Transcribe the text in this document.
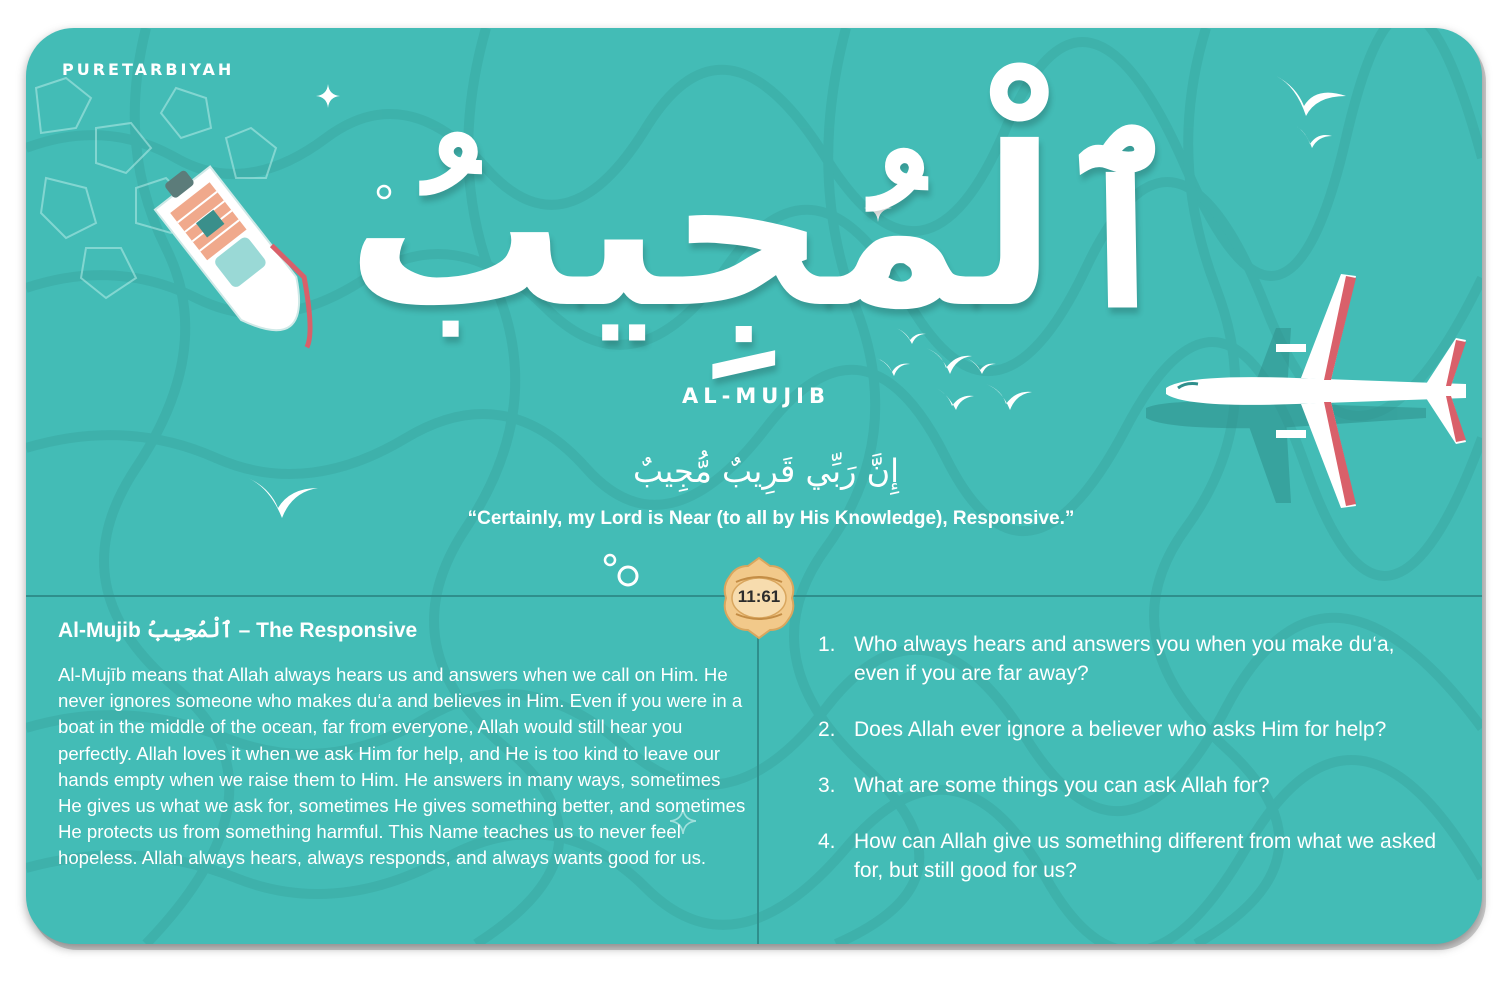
PURETARBIYAH
ٱلْمُجِيبُ
AL-MUJIB
إِنَّ رَبِّي قَرِيبٌ مُّجِيبٌ
“Certainly, my Lord is Near (to all by His Knowledge), Responsive.”
11:61
Al-Mujib ٱلْمُجِيبُ – The Responsive
Al-Mujīb means that Allah always hears us and answers when we call on Him. He never ignores someone who makes du‘a and believes in Him. Even if you were in a boat in the middle of the ocean, far from everyone, Allah would still hear you perfectly. Allah loves it when we ask Him for help, and He is too kind to leave our hands empty when we raise them to Him. He answers in many ways, sometimes He gives us what we ask for, sometimes He gives something better, and sometimes He protects us from something harmful. This Name teaches us to never feel hopeless. Allah always hears, always responds, and always wants good for us.
1. Who always hears and answers you when you make du‘a, even if you are far away?
2. Does Allah ever ignore a believer who asks Him for help?
3. What are some things you can ask Allah for?
4. How can Allah give us something different from what we asked for, but still good for us?
